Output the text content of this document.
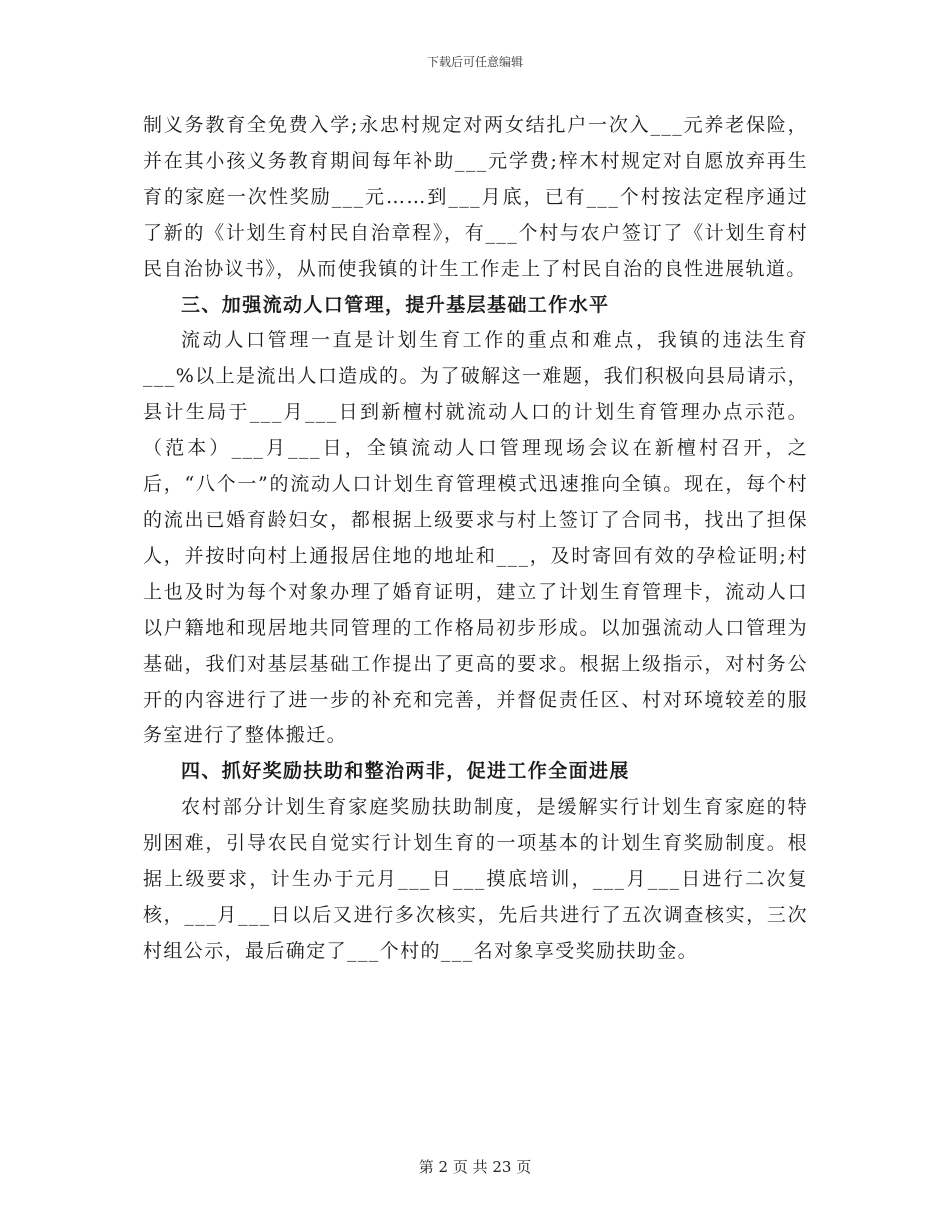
下载后可任意编辑

制义务教育全免费入学;永忠村规定对两女结扎户一次入___元养老保险，并在其小孩义务教育期间每年补助___元学费;梓木村规定对自愿放弃再生育的家庭一次性奖励___元……到___月底，已有___个村按法定程序通过了新的《计划生育村民自治章程》，有___个村与农户签订了《计划生育村民自治协议书》，从而使我镇的计生工作走上了村民自治的良性进展轨道。

三、加强流动人口管理，提升基层基础工作水平

流动人口管理一直是计划生育工作的重点和难点，我镇的违法生育___%以上是流出人口造成的。为了破解这一难题，我们积极向县局请示，县计生局于___月___日到新檀村就流动人口的计划生育管理办点示范。（范本）___月___日，全镇流动人口管理现场会议在新檀村召开，之后，“八个一”的流动人口计划生育管理模式迅速推向全镇。现在，每个村的流出已婚育龄妇女，都根据上级要求与村上签订了合同书，找出了担保人，并按时向村上通报居住地的地址和___，及时寄回有效的孕检证明;村上也及时为每个对象办理了婚育证明，建立了计划生育管理卡，流动人口以户籍地和现居地共同管理的工作格局初步形成。以加强流动人口管理为基础，我们对基层基础工作提出了更高的要求。根据上级指示，对村务公开的内容进行了进一步的补充和完善，并督促责任区、村对环境较差的服务室进行了整体搬迁。

四、抓好奖励扶助和整治两非，促进工作全面进展

农村部分计划生育家庭奖励扶助制度，是缓解实行计划生育家庭的特别困难，引导农民自觉实行计划生育的一项基本的计划生育奖励制度。根据上级要求，计生办于元月___日___摸底培训，___月___日进行二次复核，___月___日以后又进行多次核实，先后共进行了五次调查核实，三次村组公示，最后确定了___个村的___名对象享受奖励扶助金。

第 2 页 共 23 页
